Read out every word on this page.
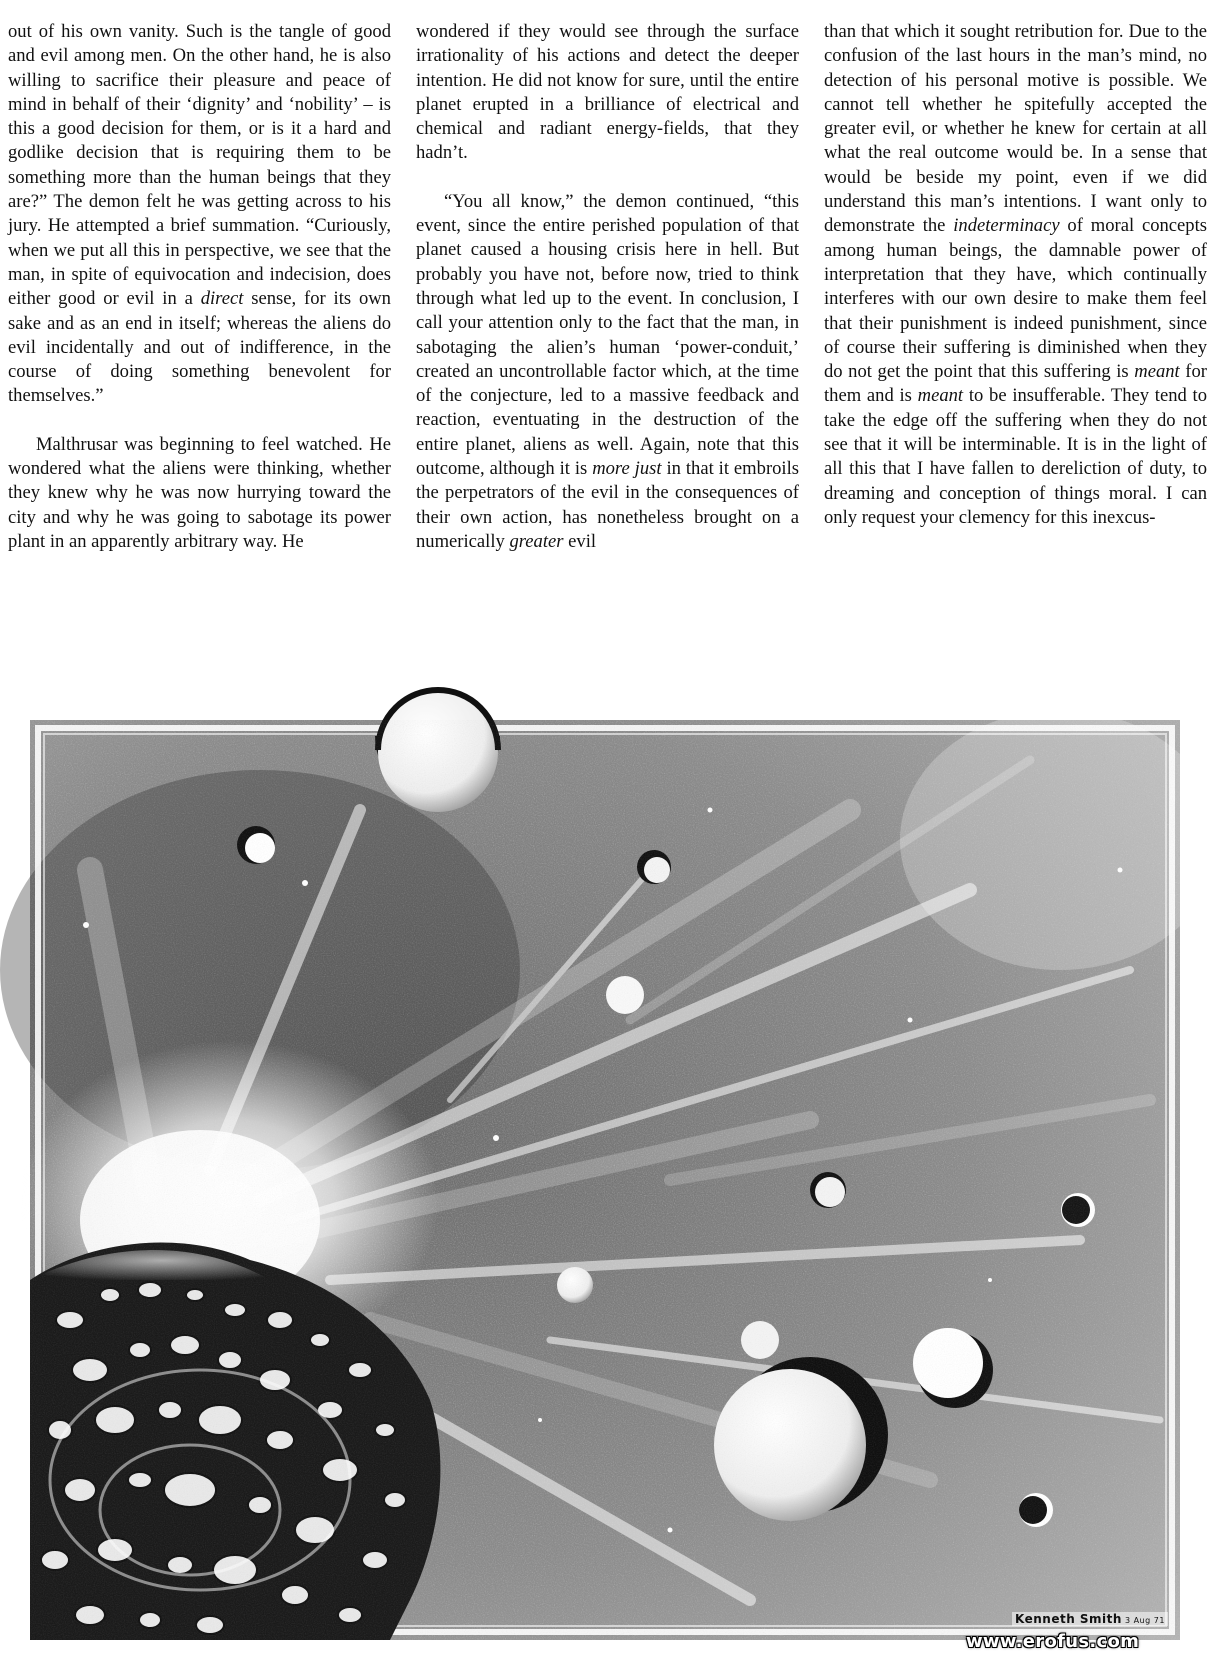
out of his own vanity. Such is the tangle of good and evil among men. On the other hand, he is also willing to sacrifice their pleasure and peace of mind in behalf of their ‘dignity’ and ‘nobility’ – is this a good decision for them, or is it a hard and godlike decision that is requiring them to be something more than the human beings that they are?” The demon felt he was getting across to his jury. He attempted a brief summation. “Curiously, when we put all this in perspective, we see that the man, in spite of equivocation and indecision, does either good or evil in a direct sense, for its own sake and as an end in itself; whereas the aliens do evil incidentally and out of indifference, in the course of doing something benevolent for themselves.”

Malthrusar was beginning to feel watched. He wondered what the aliens were thinking, whether they knew why he was now hurrying toward the city and why he was going to sabotage its power plant in an apparently arbitrary way. He

wondered if they would see through the surface irrationality of his actions and detect the deeper intention. He did not know for sure, until the entire planet erupted in a brilliance of electrical and chemical and radiant energy-fields, that they hadn’t.

“You all know,” the demon continued, “this event, since the entire perished population of that planet caused a housing crisis here in hell. But probably you have not, before now, tried to think through what led up to the event. In conclusion, I call your attention only to the fact that the man, in sabotaging the alien’s human ‘power-conduit,’ created an uncontrollable factor which, at the time of the conjecture, led to a massive feedback and reaction, eventuating in the destruction of the entire planet, aliens as well. Again, note that this outcome, although it is more just in that it embroils the perpetrators of the evil in the consequences of their own action, has nonetheless brought on a numerically greater evil

than that which it sought retribution for. Due to the confusion of the last hours in the man’s mind, no detection of his personal motive is possible. We cannot tell whether he spitefully accepted the greater evil, or whether he knew for certain at all what the real outcome would be. In a sense that would be beside my point, even if we did understand this man’s intentions. I want only to demonstrate the indeterminacy of moral concepts among human beings, the damnable power of interpretation that they have, which continually interferes with our own desire to make them feel that their punishment is indeed punishment, since of course their suffering is diminished when they do not get the point that this suffering is meant for them and is meant to be insufferable. They tend to take the edge off the suffering when they do not see that it will be interminable. It is in the light of all this that I have fallen to dereliction of duty, to dreaming and conception of things moral. I can only request your clemency for this inexcus-

Kenneth Smith 3 Aug 71
www.erofus.com
